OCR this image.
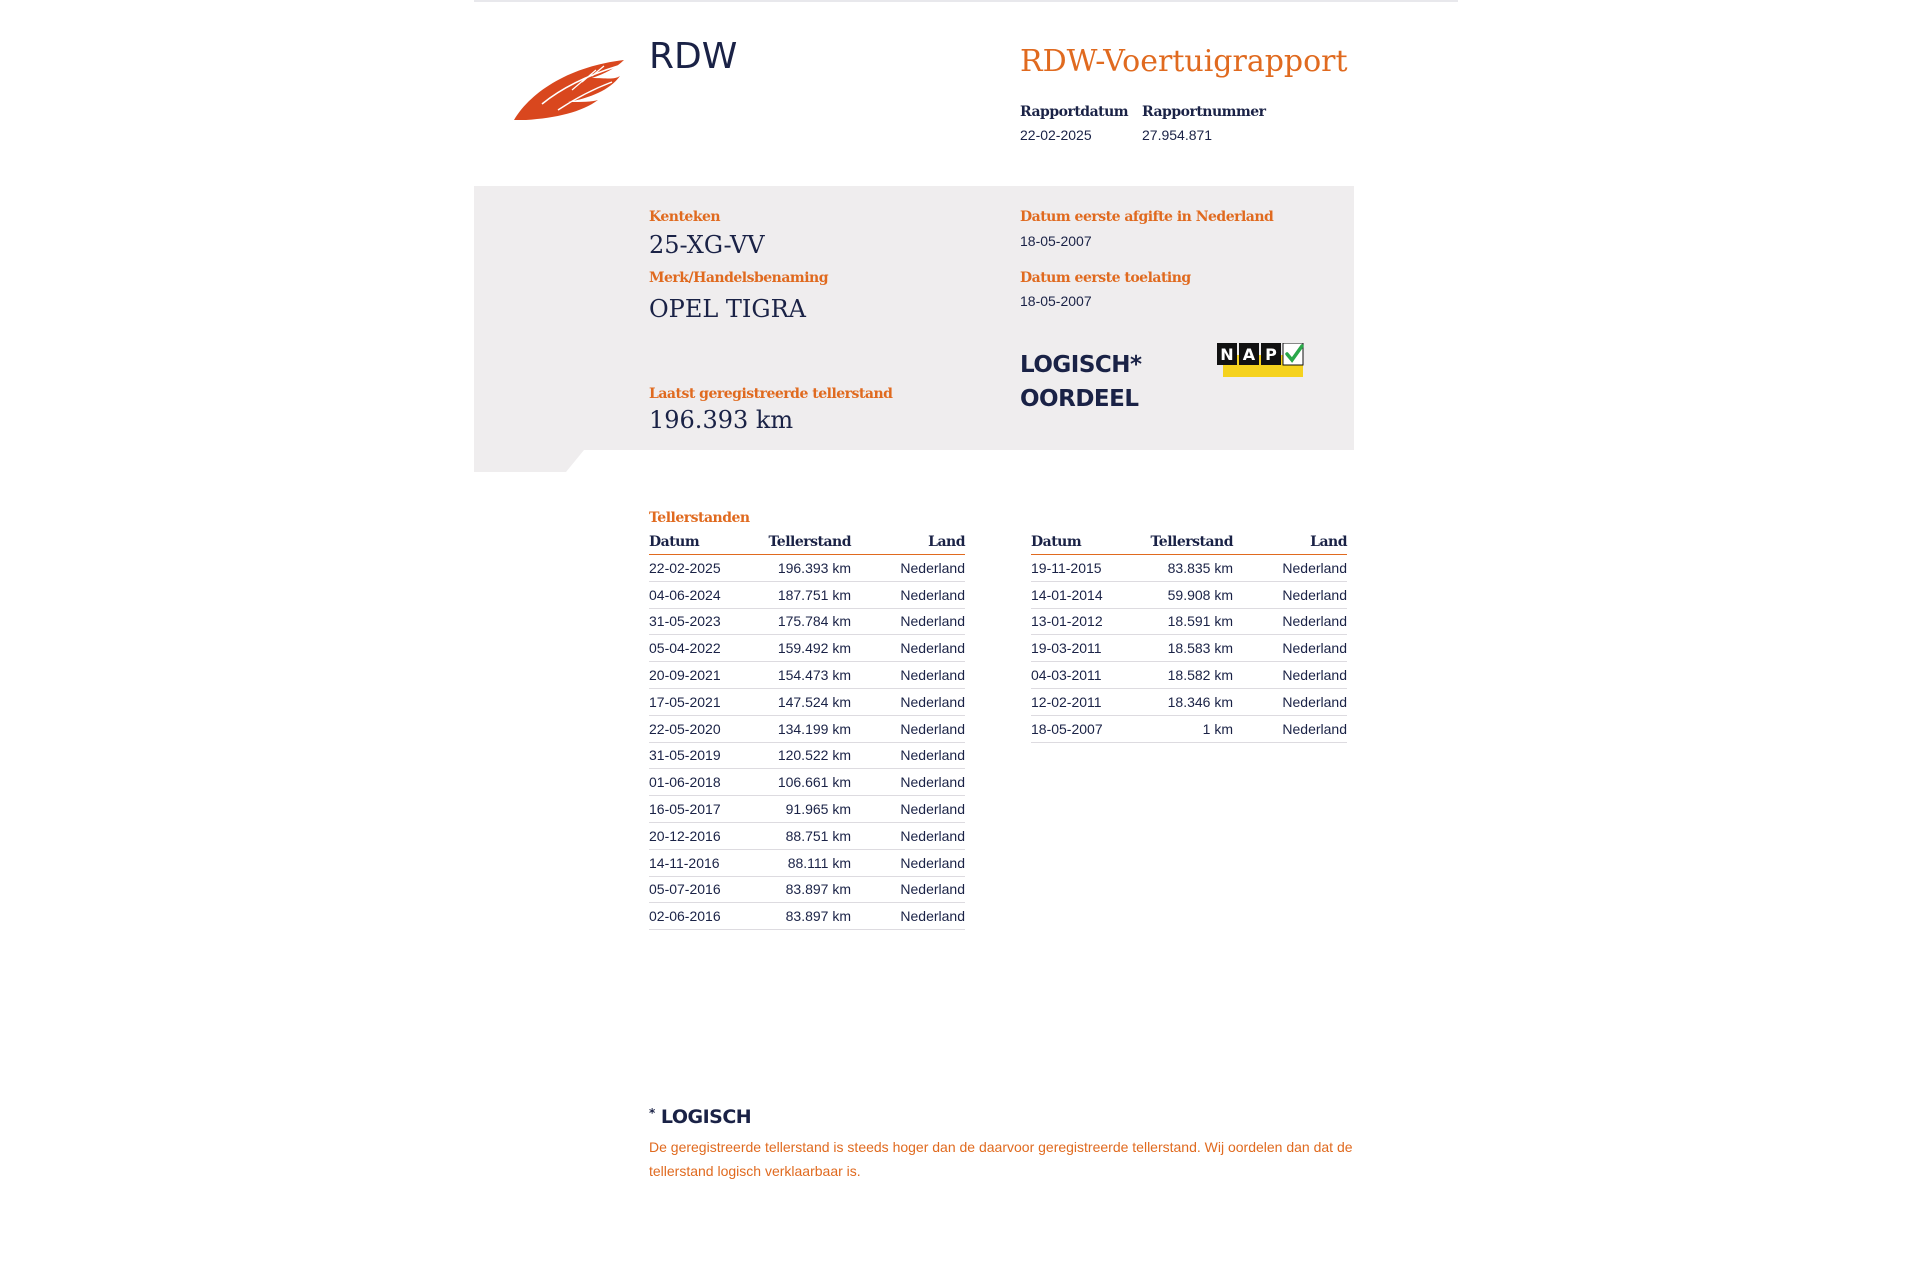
RDW	RDW-Voertuigrapport
Rapportdatum
22-02-2025
Rapportnummer
27.954.871
Kenteken
25-XG-VV
Merk/Handelsbenaming
OPEL TIGRA
Laatst geregistreerde tellerstand
196.393 km
Datum eerste afgifte in Nederland
18-05-2007
Datum eerste toelating
18-05-2007
LOGISCH*
OORDEEL
N A P
Tellerstanden
Datum	Tellerstand	Land
22-02-2025	196.393 km	Nederland
04-06-2024	187.751 km	Nederland
31-05-2023	175.784 km	Nederland
05-04-2022	159.492 km	Nederland
20-09-2021	154.473 km	Nederland
17-05-2021	147.524 km	Nederland
22-05-2020	134.199 km	Nederland
31-05-2019	120.522 km	Nederland
01-06-2018	106.661 km	Nederland
16-05-2017	91.965 km	Nederland
20-12-2016	88.751 km	Nederland
14-11-2016	88.111 km	Nederland
05-07-2016	83.897 km	Nederland
02-06-2016	83.897 km	Nederland
Datum	Tellerstand	Land
19-11-2015	83.835 km	Nederland
14-01-2014	59.908 km	Nederland
13-01-2012	18.591 km	Nederland
19-03-2011	18.583 km	Nederland
04-03-2011	18.582 km	Nederland
12-02-2011	18.346 km	Nederland
18-05-2007	1 km	Nederland
* LOGISCH
De geregistreerde tellerstand is steeds hoger dan de daarvoor geregistreerde tellerstand. Wij oordelen dan dat de tellerstand logisch verklaarbaar is.
